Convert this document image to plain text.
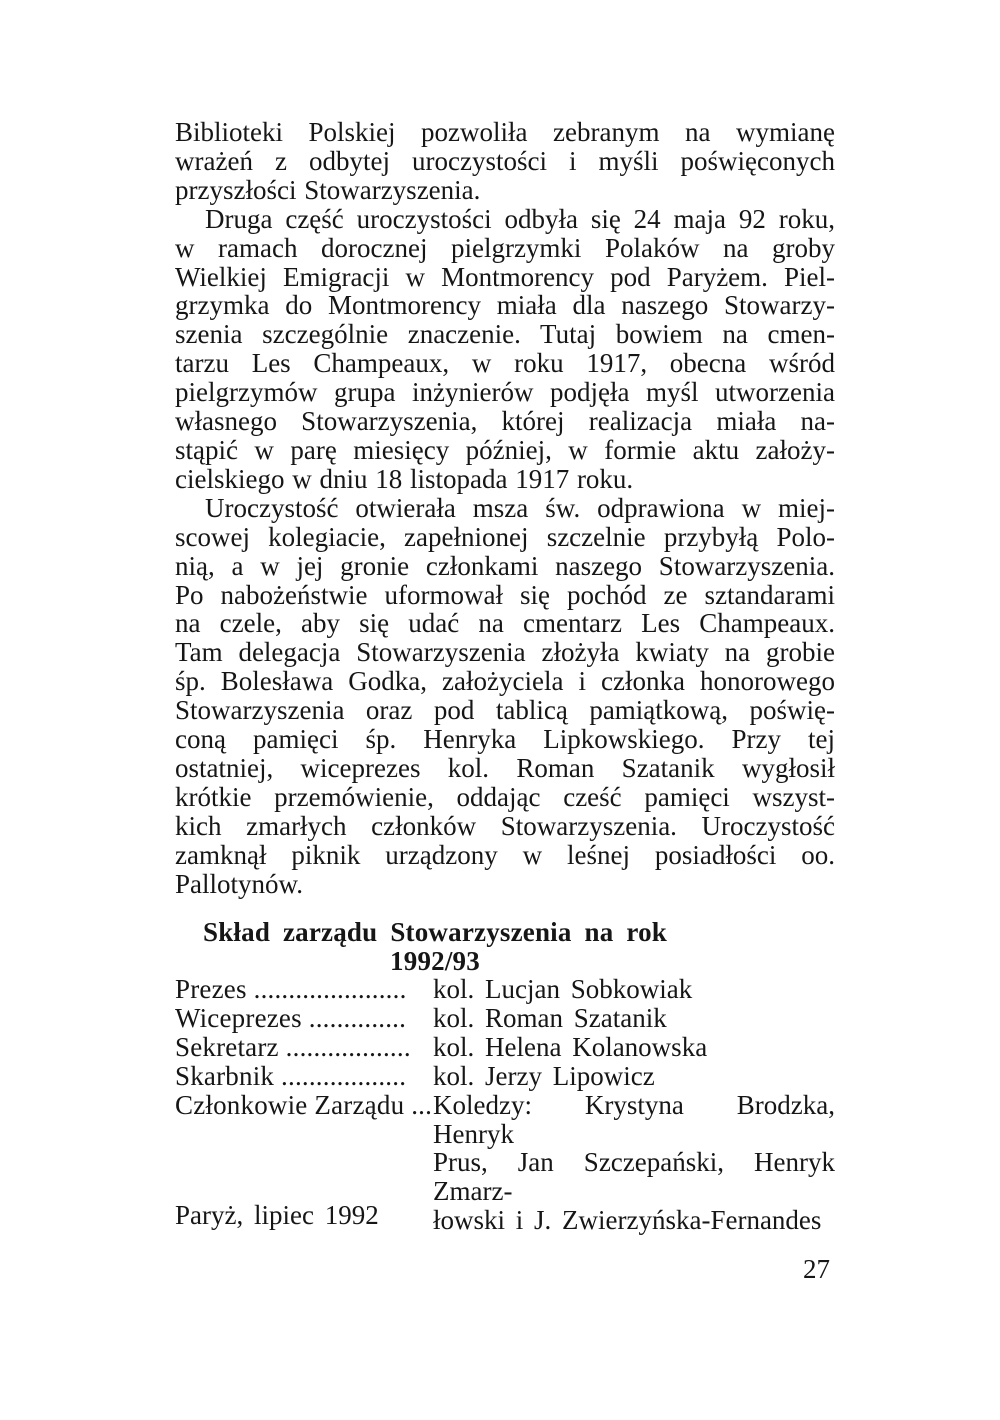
Biblioteki Polskiej pozwoliła zebranym na wymianę
wrażeń z odbytej uroczystości i myśli poświęconych
przyszłości Stowarzyszenia.
Druga część uroczystości odbyła się 24 maja 92 roku,
w ramach dorocznej pielgrzymki Polaków na groby
Wielkiej Emigracji w Montmorency pod Paryżem. Piel-
grzymka do Montmorency miała dla naszego Stowarzy-
szenia szczególnie znaczenie. Tutaj bowiem na cmen-
tarzu Les Champeaux, w roku 1917, obecna wśród
pielgrzymów grupa inżynierów podjęła myśl utworzenia
własnego Stowarzyszenia, której realizacja miała na-
stąpić w parę miesięcy później, w formie aktu założy-
cielskiego w dniu 18 listopada 1917 roku.
Uroczystość otwierała msza św. odprawiona w miej-
scowej kolegiacie, zapełnionej szczelnie przybyłą Polo-
nią, a w jej gronie członkami naszego Stowarzyszenia.
Po nabożeństwie uformował się pochód ze sztandarami
na czele, aby się udać na cmentarz Les Champeaux.
Tam delegacja Stowarzyszenia złożyła kwiaty na grobie
śp. Bolesława Godka, założyciela i członka honorowego
Stowarzyszenia oraz pod tablicą pamiątkową, poświę-
coną pamięci śp. Henryka Lipkowskiego. Przy tej
ostatniej, wiceprezes kol. Roman Szatanik wygłosił
krótkie przemówienie, oddając cześć pamięci wszyst-
kich zmarłych członków Stowarzyszenia. Uroczystość
zamknął piknik urządzony w leśnej posiadłości oo.
Pallotynów.
Skład zarządu Stowarzyszenia na rok 1992/93
Prezes ...................... kol. Lucjan Sobkowiak
Wiceprezes .............. kol. Roman Szatanik
Sekretarz .................. kol. Helena Kolanowska
Skarbnik .................. kol. Jerzy Lipowicz
Członkowie Zarządu ... Koledzy: Krystyna Brodzka, Henryk
Prus, Jan Szczepański, Henryk Zmarz-
łowski i J. Zwierzyńska-Fernandes
Paryż, lipiec 1992
27
